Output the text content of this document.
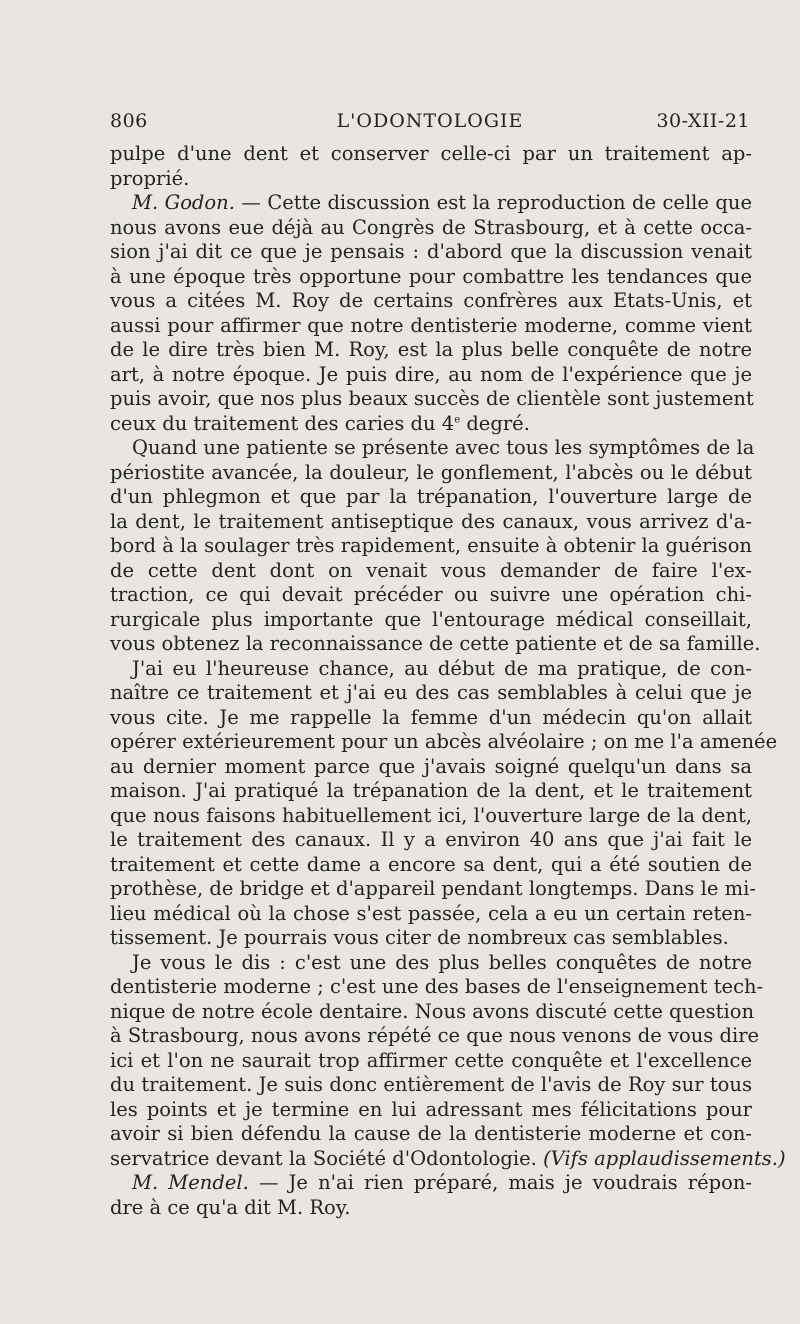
806	L'ODONTOLOGIE	30-XII-21
pulpe d'une dent et conserver celle-ci par un traitement ap-
proprié.
M. Godon. — Cette discussion est la reproduction de celle que
nous avons eue déjà au Congrès de Strasbourg, et à cette occa-
sion j'ai dit ce que je pensais : d'abord que la discussion venait
à une époque très opportune pour combattre les tendances que
vous a citées M. Roy de certains confrères aux Etats-Unis, et
aussi pour affirmer que notre dentisterie moderne, comme vient
de le dire très bien M. Roy, est la plus belle conquête de notre
art, à notre époque. Je puis dire, au nom de l'expérience que je
puis avoir, que nos plus beaux succès de clientèle sont justement
ceux du traitement des caries du 4e degré.
Quand une patiente se présente avec tous les symptômes de la
périostite avancée, la douleur, le gonflement, l'abcès ou le début
d'un phlegmon et que par la trépanation, l'ouverture large de
la dent, le traitement antiseptique des canaux, vous arrivez d'a-
bord à la soulager très rapidement, ensuite à obtenir la guérison
de cette dent dont on venait vous demander de faire l'ex-
traction, ce qui devait précéder ou suivre une opération chi-
rurgicale plus importante que l'entourage médical conseillait,
vous obtenez la reconnaissance de cette patiente et de sa famille.
J'ai eu l'heureuse chance, au début de ma pratique, de con-
naître ce traitement et j'ai eu des cas semblables à celui que je
vous cite. Je me rappelle la femme d'un médecin qu'on allait
opérer extérieurement pour un abcès alvéolaire ; on me l'a amenée
au dernier moment parce que j'avais soigné quelqu'un dans sa
maison. J'ai pratiqué la trépanation de la dent, et le traitement
que nous faisons habituellement ici, l'ouverture large de la dent,
le traitement des canaux. Il y a environ 40 ans que j'ai fait le
traitement et cette dame a encore sa dent, qui a été soutien de
prothèse, de bridge et d'appareil pendant longtemps. Dans le mi-
lieu médical où la chose s'est passée, cela a eu un certain reten-
tissement. Je pourrais vous citer de nombreux cas semblables.
Je vous le dis : c'est une des plus belles conquêtes de notre
dentisterie moderne ; c'est une des bases de l'enseignement tech-
nique de notre école dentaire. Nous avons discuté cette question
à Strasbourg, nous avons répété ce que nous venons de vous dire
ici et l'on ne saurait trop affirmer cette conquête et l'excellence
du traitement. Je suis donc entièrement de l'avis de Roy sur tous
les points et je termine en lui adressant mes félicitations pour
avoir si bien défendu la cause de la dentisterie moderne et con-
servatrice devant la Société d'Odontologie. (Vifs applaudissements.)
M. Mendel. — Je n'ai rien préparé, mais je voudrais répon-
dre à ce qu'a dit M. Roy.
